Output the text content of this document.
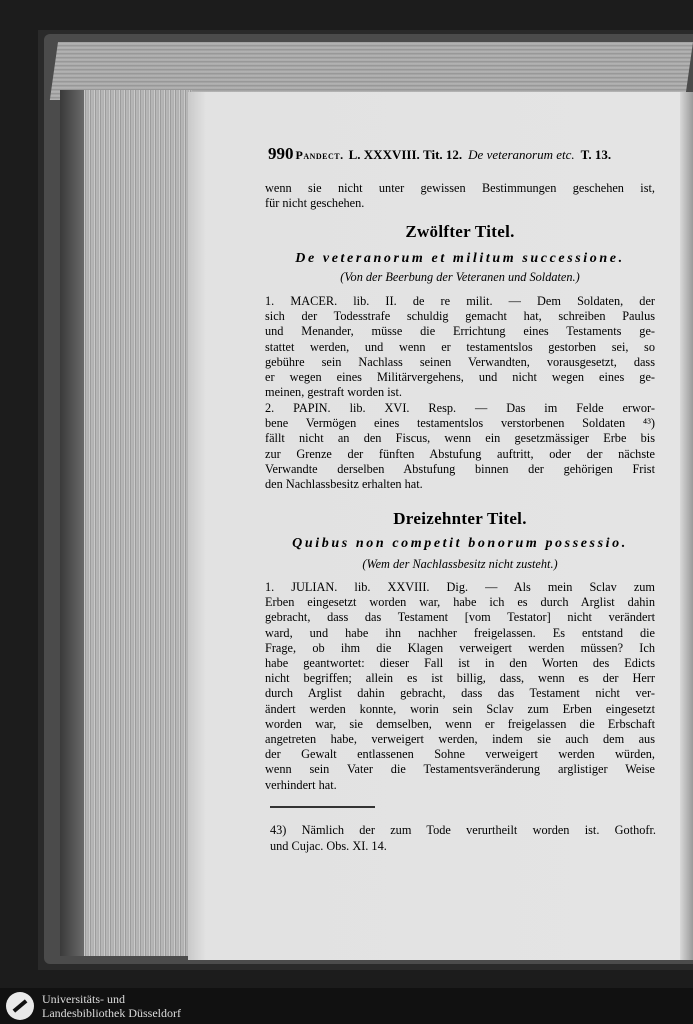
990 Pandect. L. XXXVIII.
Tit. 12. De veteranorum etc. T. 13.
wenn sie nicht unter gewissen Bestimmungen geschehen ist,
für nicht geschehen.
Zwölfter Titel.
De veteranorum et militum successione.
(Von der Beerbung der Veteranen und Soldaten.)
1. MACER. lib. II. de re milit. — Dem Soldaten, der
sich der Todesstrafe schuldig gemacht hat, schreiben Paulus
und Menander, müsse die Errichtung eines Testaments ge-
stattet werden, und wenn er testamentslos gestorben sei, so
gebühre sein Nachlass seinen Verwandten, vorausgesetzt, dass
er wegen eines Militärvergehens, und nicht wegen eines ge-
meinen, gestraft worden ist.
2. PAPIN. lib. XVI. Resp. — Das im Felde erwor-
bene Vermögen eines testamentslos verstorbenen Soldaten ⁴³)
fällt nicht an den Fiscus, wenn ein gesetzmässiger Erbe bis
zur Grenze der fünften Abstufung auftritt, oder der nächste
Verwandte derselben Abstufung binnen der gehörigen Frist
den Nachlassbesitz erhalten hat.
Dreizehnter Titel.
Quibus non competit bonorum possessio.
(Wem der Nachlassbesitz nicht zusteht.)
1. JULIAN. lib. XXVIII. Dig. — Als mein Sclav zum
Erben eingesetzt worden war, habe ich es durch Arglist dahin
gebracht, dass das Testament [vom Testator] nicht verändert
ward, und habe ihn nachher freigelassen. Es entstand die
Frage, ob ihm die Klagen verweigert werden müssen? Ich
habe geantwortet: dieser Fall ist in den Worten des Edicts
nicht begriffen; allein es ist billig, dass, wenn es der Herr
durch Arglist dahin gebracht, dass das Testament nicht ver-
ändert werden konnte, worin sein Sclav zum Erben eingesetzt
worden war, sie demselben, wenn er freigelassen die Erbschaft
angetreten habe, verweigert werden, indem sie auch dem aus
der Gewalt entlassenen Sohne verweigert werden würden,
wenn sein Vater die Testamentsveränderung arglistiger Weise
verhindert hat.
43) Nämlich der zum Tode verurtheilt worden ist. Gothofr.
und Cujac. Obs. XI. 14.
Universitäts- und
Landesbibliothek Düsseldorf
